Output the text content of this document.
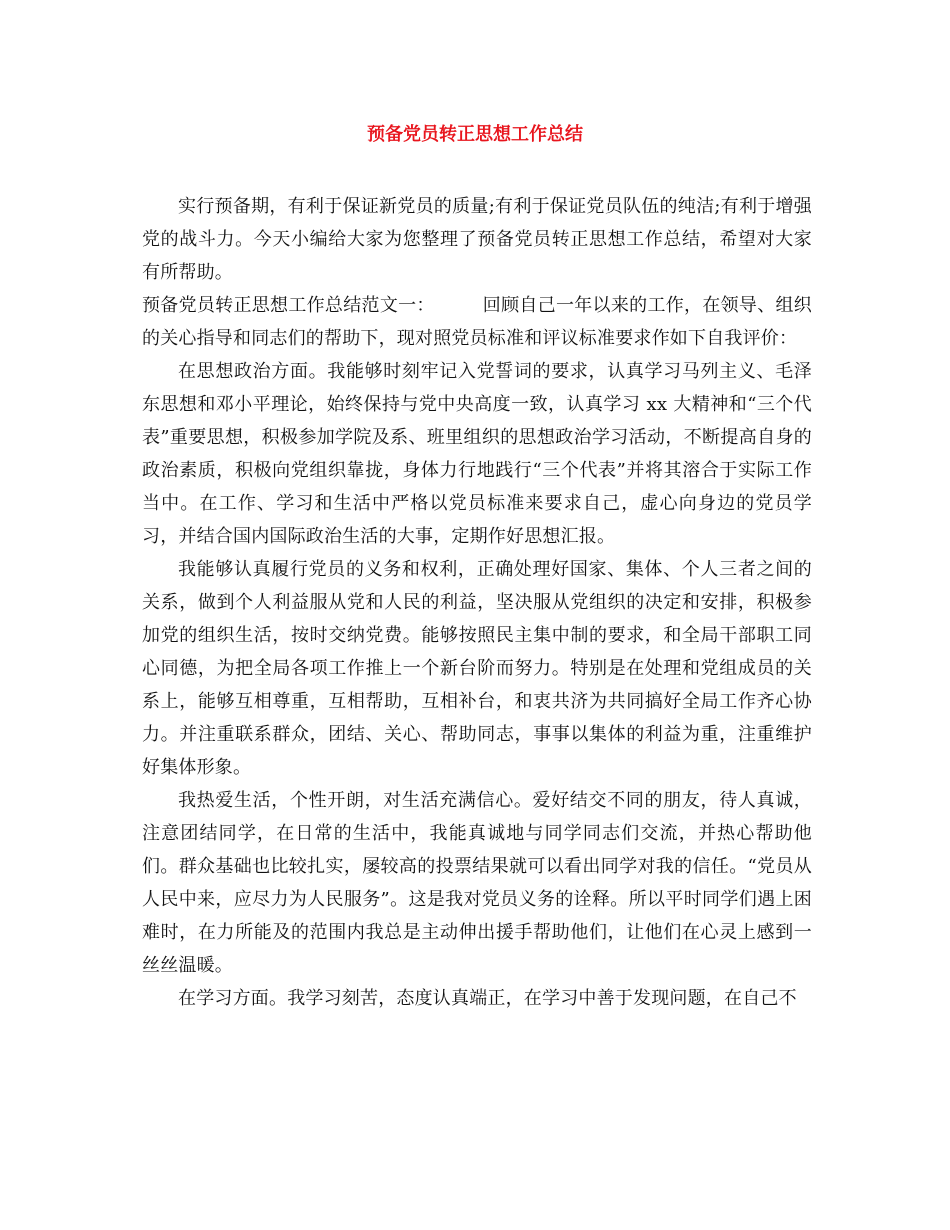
预备党员转正思想工作总结

实行预备期，有利于保证新党员的质量;有利于保证党员队伍的纯洁;有利于增强党的战斗力。今天小编给大家为您整理了预备党员转正思想工作总结，希望对大家有所帮助。

预备党员转正思想工作总结范文一：	回顾自己一年以来的工作，在领导、组织的关心指导和同志们的帮助下，现对照党员标准和评议标准要求作如下自我评价：

在思想政治方面。我能够时刻牢记入党誓词的要求，认真学习马列主义、毛泽东思想和邓小平理论，始终保持与党中央高度一致，认真学习 xx 大精神和“三个代表”重要思想，积极参加学院及系、班里组织的思想政治学习活动，不断提高自身的政治素质，积极向党组织靠拢，身体力行地践行“三个代表”并将其溶合于实际工作当中。在工作、学习和生活中严格以党员标准来要求自己，虚心向身边的党员学习，并结合国内国际政治生活的大事，定期作好思想汇报。

我能够认真履行党员的义务和权利，正确处理好国家、集体、个人三者之间的关系，做到个人利益服从党和人民的利益，坚决服从党组织的决定和安排，积极参加党的组织生活，按时交纳党费。能够按照民主集中制的要求，和全局干部职工同心同德，为把全局各项工作推上一个新台阶而努力。特别是在处理和党组成员的关系上，能够互相尊重，互相帮助，互相补台，和衷共济为共同搞好全局工作齐心协力。并注重联系群众，团结、关心、帮助同志，事事以集体的利益为重，注重维护好集体形象。

我热爱生活，个性开朗，对生活充满信心。爱好结交不同的朋友，待人真诚，注意团结同学，在日常的生活中，我能真诚地与同学同志们交流，并热心帮助他们。群众基础也比较扎实，屡较高的投票结果就可以看出同学对我的信任。“党员从人民中来，应尽力为人民服务”。这是我对党员义务的诠释。所以平时同学们遇上困难时，在力所能及的范围内我总是主动伸出援手帮助他们，让他们在心灵上感到一丝丝温暖。

在学习方面。我学习刻苦，态度认真端正，在学习中善于发现问题，在自己不
